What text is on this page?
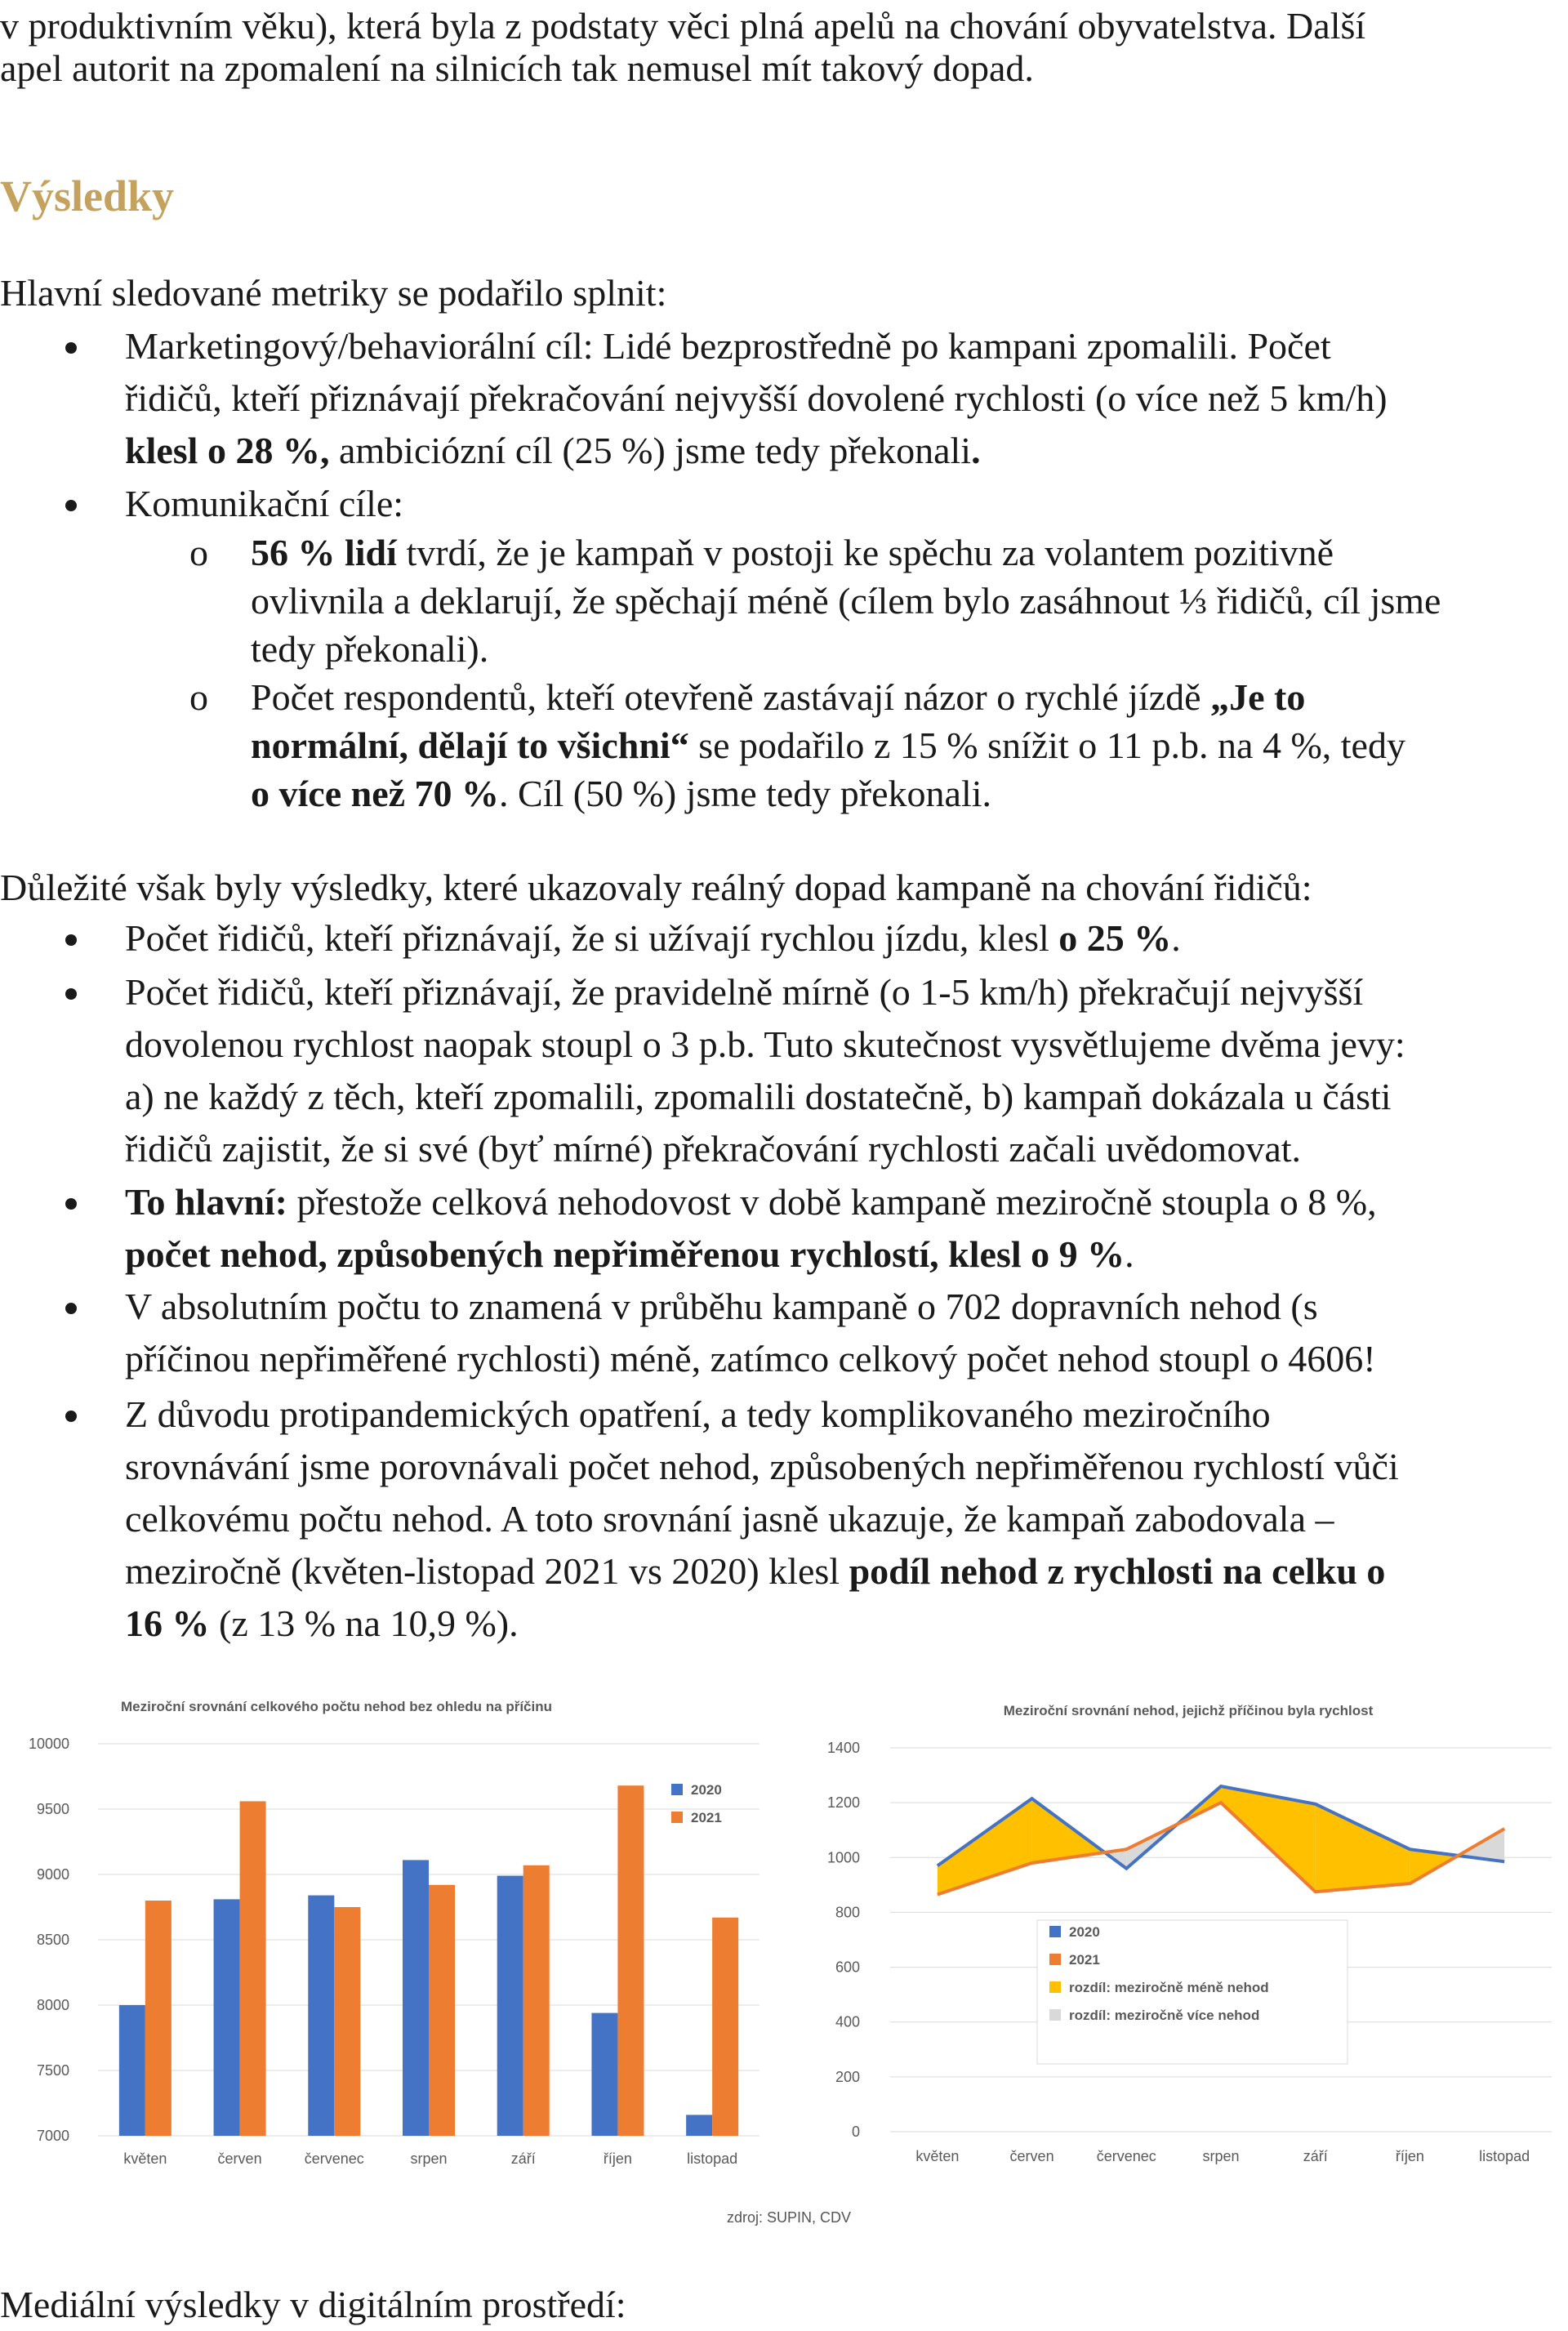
v produktivním věku), která byla z podstaty věci plná apelů na chování obyvatelstva. Další

apel autorit na zpomalení na silnicích tak nemusel mít takový dopad.

Výsledky

Hlavní sledované metriky se podařilo splnit:

Marketingový/behaviorální cíl: Lidé bezprostředně po kampani zpomalili. Počet
řidičů, kteří přiznávají překračování nejvyšší dovolené rychlosti (o více než 5 km/h)
klesl o 28 %, ambiciózní cíl (25 %) jsme tedy překonali.
Komunikační cíle:
o 56 % lidí tvrdí, že je kampaň v postoji ke spěchu za volantem pozitivně
ovlivnila a deklarují, že spěchají méně (cílem bylo zasáhnout ⅓ řidičů, cíl jsme
tedy překonali).
o Počet respondentů, kteří otevřeně zastávají názor o rychlé jízdě „Je to
normální, dělají to všichni“ se podařilo z 15 % snížit o 11 p.b. na 4 %, tedy
o více než 70 %. Cíl (50 %) jsme tedy překonali.

Důležité však byly výsledky, které ukazovaly reálný dopad kampaně na chování řidičů:

Počet řidičů, kteří přiznávají, že si užívají rychlou jízdu, klesl o 25 %.
Počet řidičů, kteří přiznávají, že pravidelně mírně (o 1-5 km/h) překračují nejvyšší
dovolenou rychlost naopak stoupl o 3 p.b. Tuto skutečnost vysvětlujeme dvěma jevy:
a) ne každý z těch, kteří zpomalili, zpomalili dostatečně, b) kampaň dokázala u části
řidičů zajistit, že si své (byť mírné) překračování rychlosti začali uvědomovat.
To hlavní: přestože celková nehodovost v době kampaně meziročně stoupla o 8 %,
počet nehod, způsobených nepřiměřenou rychlostí, klesl o 9 %.
V absolutním počtu to znamená v průběhu kampaně o 702 dopravních nehod (s
příčinou nepřiměřené rychlosti) méně, zatímco celkový počet nehod stoupl o 4606!
Z důvodu protipandemických opatření, a tedy komplikovaného meziročního
srovnávání jsme porovnávali počet nehod, způsobených nepřiměřenou rychlostí vůči
celkovému počtu nehod. A toto srovnání jasně ukazuje, že kampaň zabodovala –
meziročně (květen-listopad 2021 vs 2020) klesl podíl nehod z rychlosti na celku o
16 % (z 13 % na 10,9 %).
Meziroční srovnání celkového počtu nehod bez ohledu na příčinu
7000
7500
8000
8500
9000
9500
10000
květen	červen	červenec	srpen	září	říjen	listopad
2020
2021
Meziroční srovnání nehod, jejichž příčinou byla rychlost
0
200
400
600
800
1000
1200
1400
květen	červen	červenec	srpen	září	říjen	listopad
2020
2021
rozdíl: meziročně méně nehod
rozdíl: meziročně více nehod
zdroj: SUPIN, CDV

Mediální výsledky v digitálním prostředí:
